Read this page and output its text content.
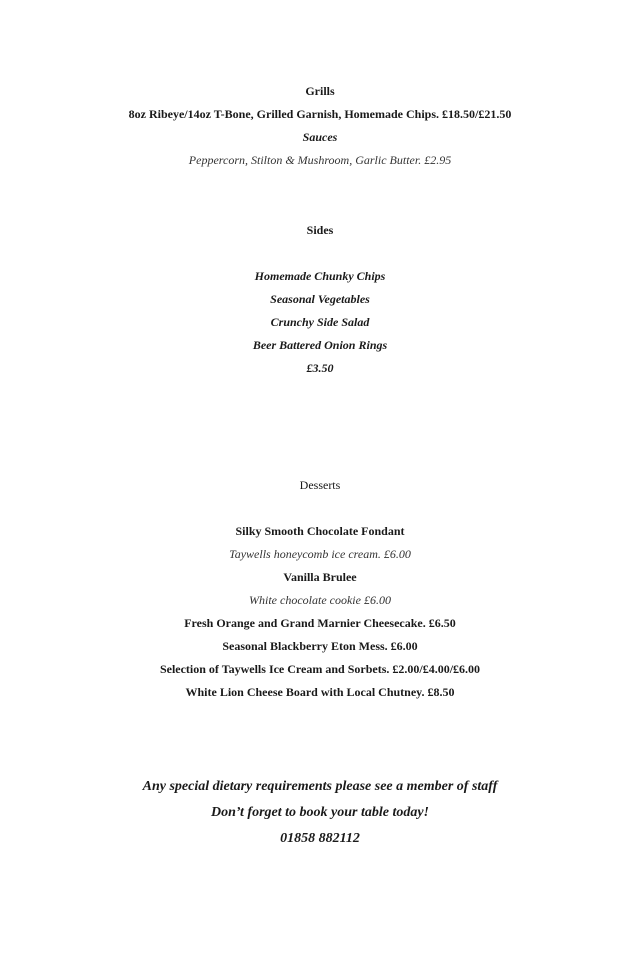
Grills
8oz Ribeye/14oz T-Bone, Grilled Garnish, Homemade Chips. £18.50/£21.50
Sauces
Peppercorn, Stilton & Mushroom, Garlic Butter. £2.95
Sides
Homemade Chunky Chips
Seasonal Vegetables
Crunchy Side Salad
Beer Battered Onion Rings
£3.50
Desserts
Silky Smooth Chocolate Fondant
Taywells honeycomb ice cream. £6.00
Vanilla Brulee
White chocolate cookie £6.00
Fresh Orange and Grand Marnier Cheesecake. £6.50
Seasonal Blackberry Eton Mess. £6.00
Selection of Taywells Ice Cream and Sorbets. £2.00/£4.00/£6.00
White Lion Cheese Board with Local Chutney. £8.50
Any special dietary requirements please see a member of staff
Don’t forget to book your table today!
01858 882112
